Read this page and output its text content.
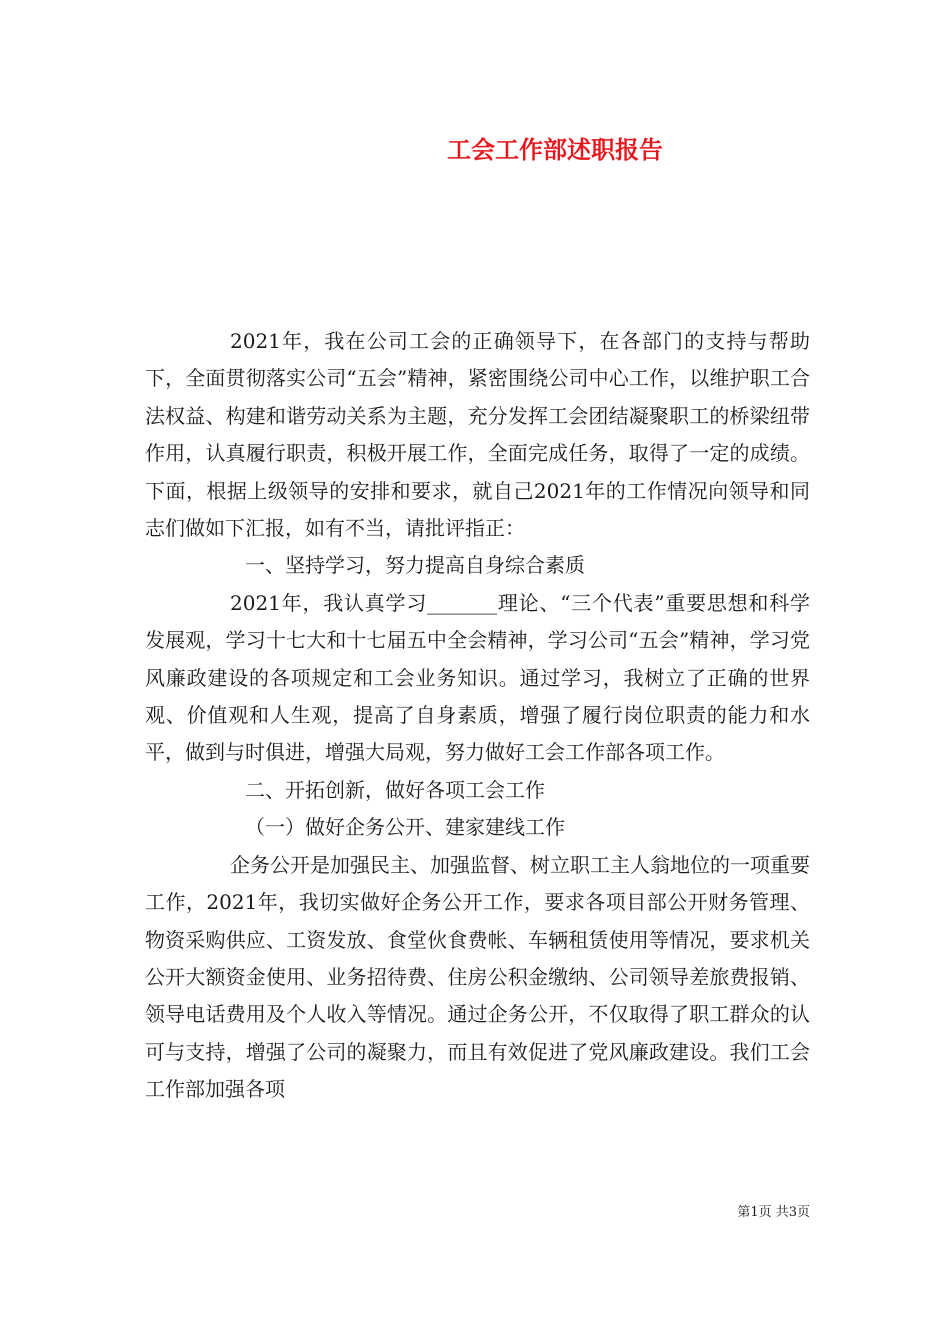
工会工作部述职报告

2021年，我在公司工会的正确领导下，在各部门的支持与帮助下，全面贯彻落实公司“五会”精神，紧密围绕公司中心工作，以维护职工合法权益、构建和谐劳动关系为主题，充分发挥工会团结凝聚职工的桥梁纽带作用，认真履行职责，积极开展工作，全面完成任务，取得了一定的成绩。下面，根据上级领导的安排和要求，就自己2021年的工作情况向领导和同志们做如下汇报，如有不当，请批评指正：

一、坚持学习，努力提高自身综合素质

2021年，我认真学习_______理论、“三个代表”重要思想和科学发展观，学习十七大和十七届五中全会精神，学习公司“五会”精神，学习党风廉政建设的各项规定和工会业务知识。通过学习，我树立了正确的世界观、价值观和人生观，提高了自身素质，增强了履行岗位职责的能力和水平，做到与时俱进，增强大局观，努力做好工会工作部各项工作。

二、开拓创新，做好各项工会工作

（一）做好企务公开、建家建线工作

企务公开是加强民主、加强监督、树立职工主人翁地位的一项重要工作，2021年，我切实做好企务公开工作，要求各项目部公开财务管理、物资采购供应、工资发放、食堂伙食费帐、车辆租赁使用等情况，要求机关公开大额资金使用、业务招待费、住房公积金缴纳、公司领导差旅费报销、领导电话费用及个人收入等情况。通过企务公开，不仅取得了职工群众的认可与支持，增强了公司的凝聚力，而且有效促进了党风廉政建设。我们工会工作部加强各项

第1页 共3页
